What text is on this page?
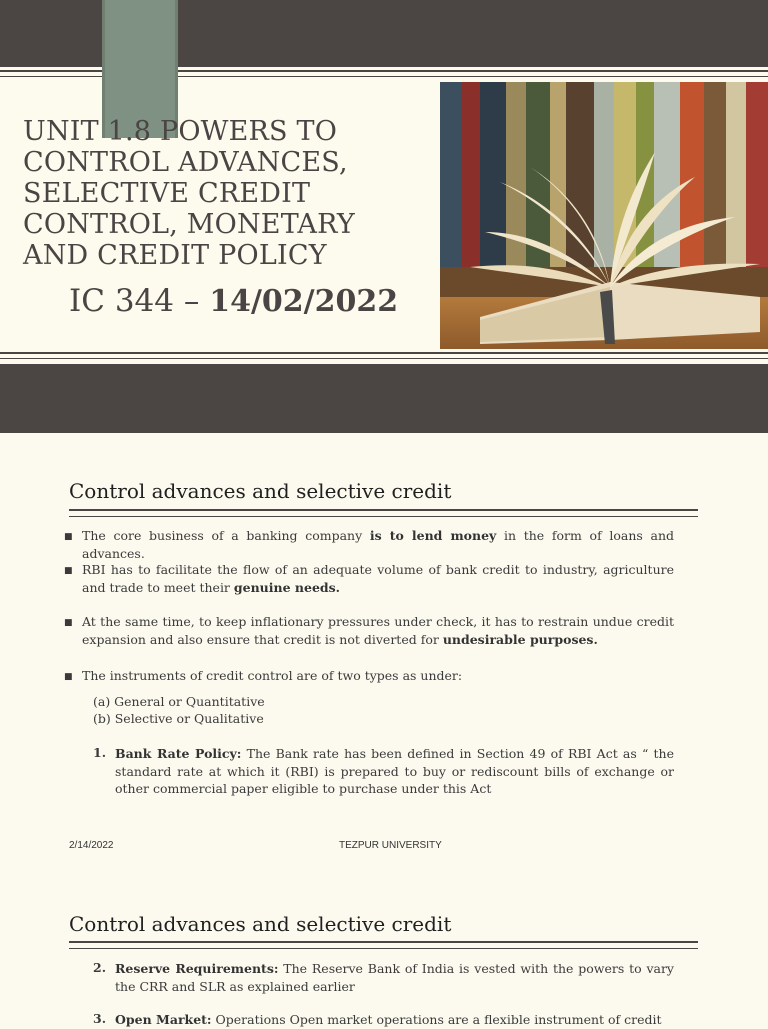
UNIT 1.8 POWERS TO CONTROL ADVANCES, SELECTIVE CREDIT CONTROL, MONETARY AND CREDIT POLICY
IC 344 – 14/02/2022
Control advances and selective credit
■ The core business of a banking company is to lend money in the form of loans and advances.

■ RBI has to facilitate the flow of an adequate volume of bank credit to industry, agriculture and trade to meet their genuine needs.

■ At the same time, to keep inflationary pressures under check, it has to restrain undue credit expansion and also ensure that credit is not diverted for undesirable purposes.

■ The instruments of credit control are of two types as under:

(a) General or Quantitative
(b) Selective or Qualitative
1. Bank Rate Policy: The Bank rate has been defined in Section 49 of RBI Act as “ the standard rate at which it (RBI) is prepared to buy or rediscount bills of exchange or other commercial paper eligible to purchase under this Act

2/14/2022	TEZPUR UNIVERSITY
Control advances and selective credit
2. Reserve Requirements: The Reserve Bank of India is vested with the powers to vary the CRR and SLR as explained earlier

3. Open Market: Operations Open market operations are a flexible instrument of credit
